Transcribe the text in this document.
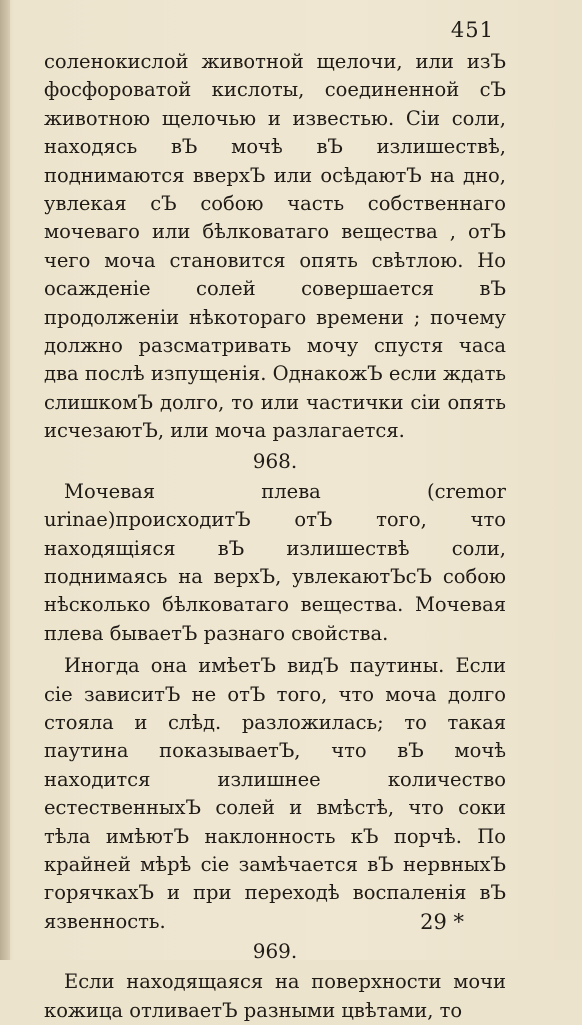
451

соленокислой животной щелочи, или изЪ фосфороватой кислоты, соединенной сЪ животною щелочью и известью. Сiи соли, находясь вЪ мочѣ вЪ излишествѣ, поднимаются вверхЪ или осѣдаютЪ на дно, увлекая сЪ собою часть собственнаго мочеваго или бѣлковатаго вещества , отЪ чего моча становится опять свѣтлою. Но осажденiе солей совершается вЪ продолженiи нѣкотораго времени ; почему должно разсматривать мочу спустя часа два послѣ изпущенiя. ОднакожЪ если ждать слишкомЪ долго, то или частички сiи опять исчезаютЪ, или моча разлагается.

968.

Мочевая плева (cremor urinae)происходитЪ отЪ того, что находящiяся вЪ излишествѣ соли, поднимаясь на верхЪ, увлекаютЪсЪ собою нѣсколько бѣлковатаго вещества. Мочевая плева бываетЪ разнаго свойства.

Иногда она имѣетЪ видЪ паутины. Если сiе зависитЪ не отЪ того, что моча долго стояла и слѣд. разложилась; то такая паутина показываетЪ, что вЪ мочѣ находится излишнее количество естественныхЪ солей и вмѣстѣ, что соки тѣла имѣютЪ наклонность кЪ порчѣ. По крайней мѣрѣ сiе замѣчается вЪ нервныхЪ горячкахЪ и при переходѣ воспаленiя вЪ язвенность.

969.

Если находящаяся на поверхности мочи кожица отливаетЪ разными цвѣтами, то

29 *
